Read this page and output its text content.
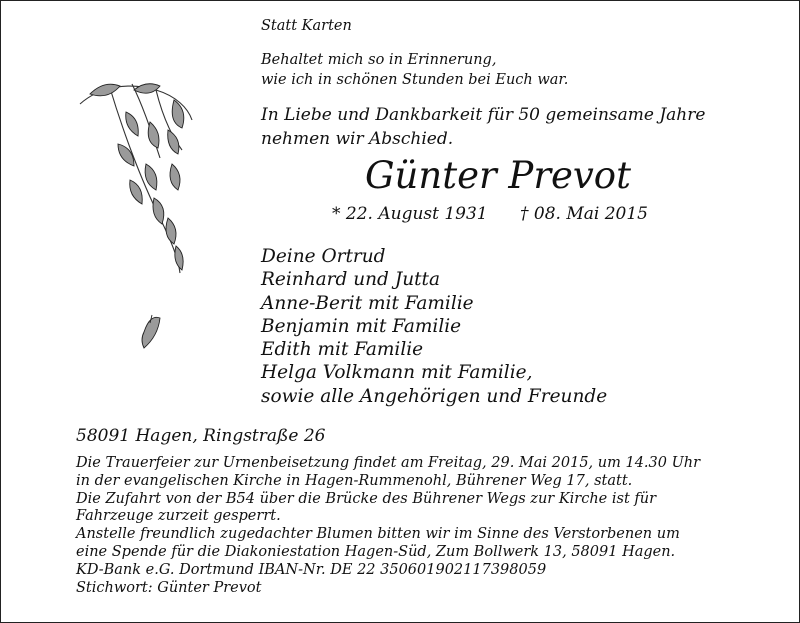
Statt Karten
Behaltet mich so in Erinnerung,
wie ich in schönen Stunden bei Euch war.
In Liebe und Dankbarkeit für 50 gemeinsame Jahre
nehmen wir Abschied.
Günter Prevot
* 22. August 1931 † 08. Mai 2015
Deine Ortrud
Reinhard und Jutta
Anne-Berit mit Familie
Benjamin mit Familie
Edith mit Familie
Helga Volkmann mit Familie,
sowie alle Angehörigen und Freunde
58091 Hagen, Ringstraße 26
Die Trauerfeier zur Urnenbeisetzung findet am Freitag, 29. Mai 2015, um 14.30 Uhr
in der evangelischen Kirche in Hagen-Rummenohl, Bührener Weg 17, statt.
Die Zufahrt von der B54 über die Brücke des Bührener Wegs zur Kirche ist für
Fahrzeuge zurzeit gesperrt.
Anstelle freundlich zugedachter Blumen bitten wir im Sinne des Verstorbenen um
eine Spende für die Diakoniestation Hagen-Süd, Zum Bollwerk 13, 58091 Hagen.
KD-Bank e.G. Dortmund IBAN-Nr. DE 22 350601902117398059
Stichwort: Günter Prevot
